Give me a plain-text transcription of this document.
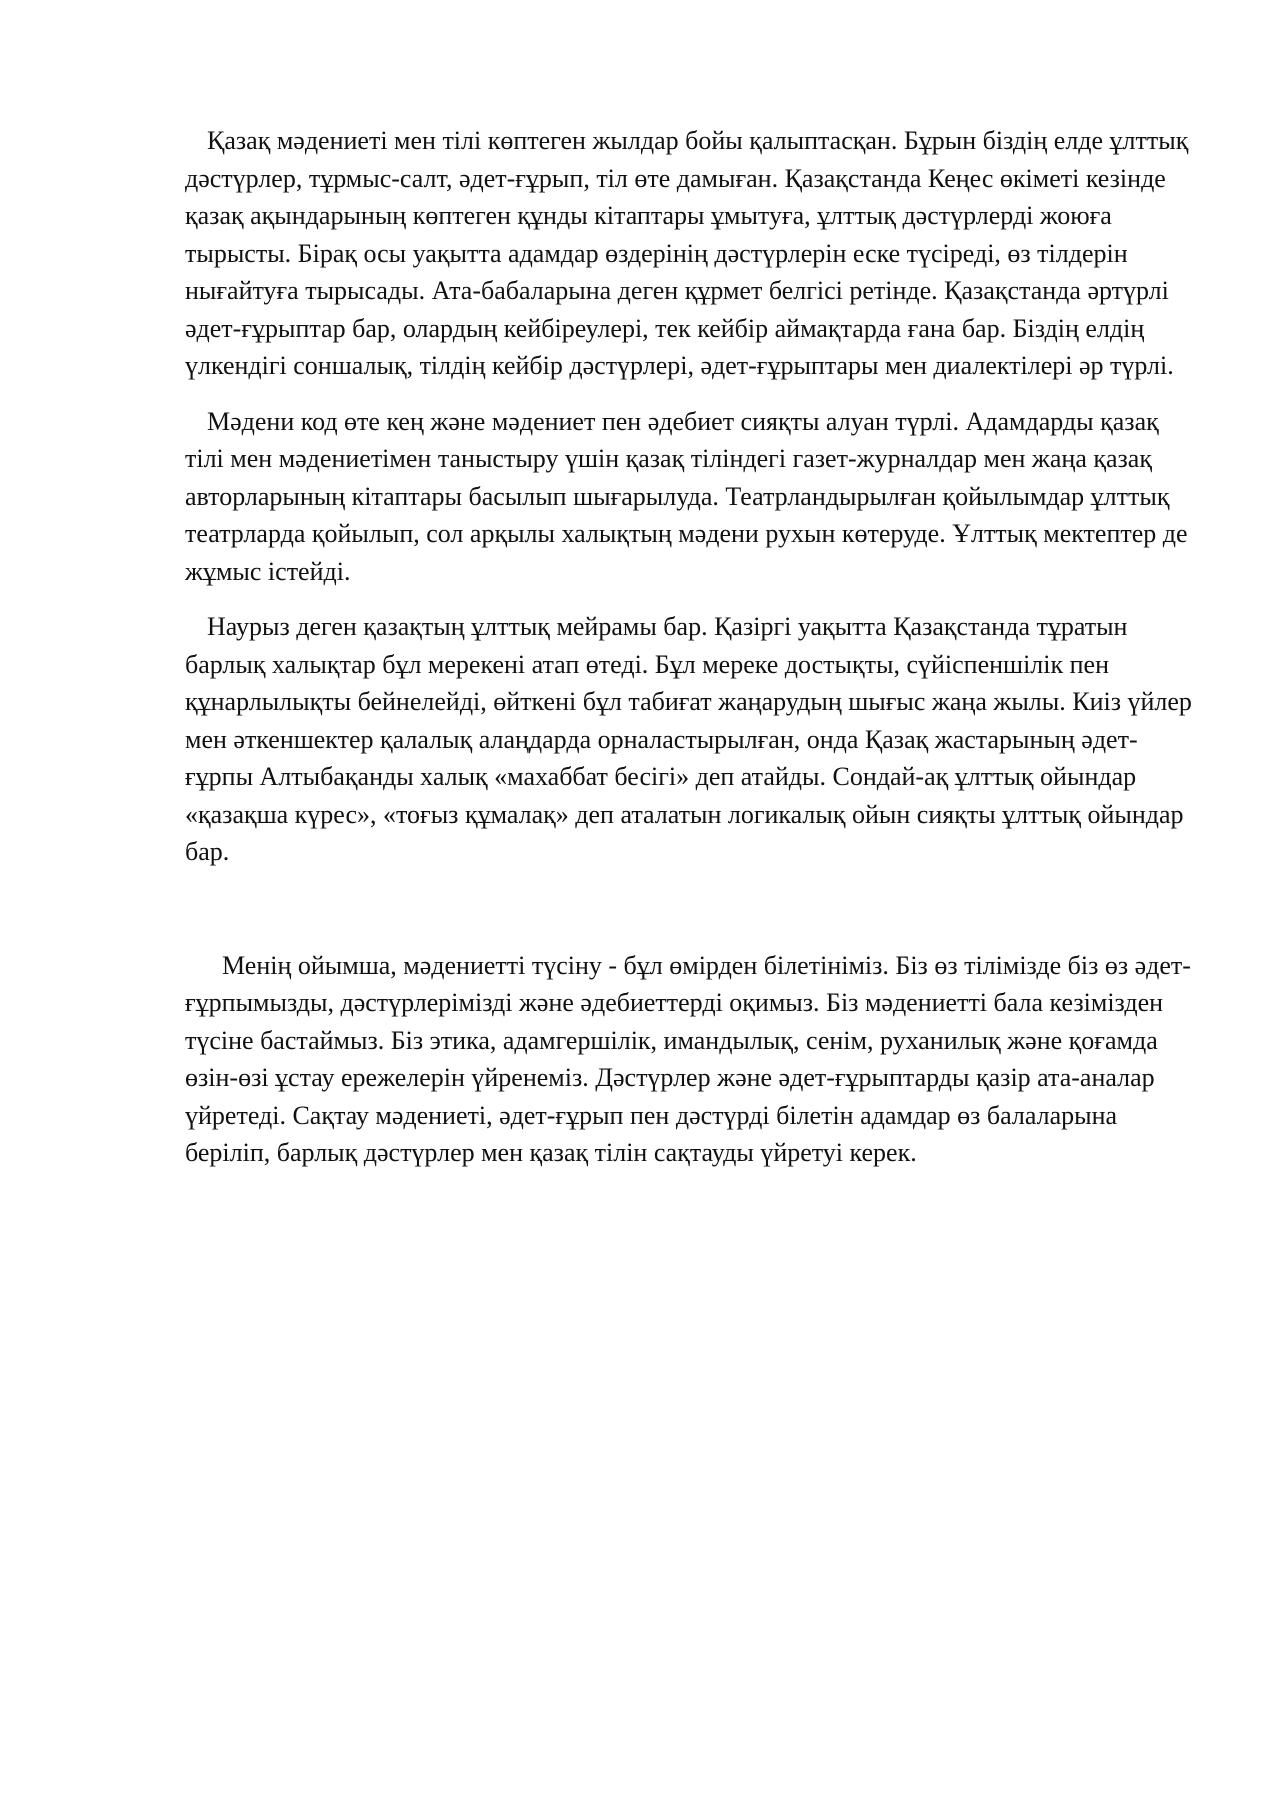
Қазақ мәдениеті мен тілі көптеген жылдар бойы қалыптасқан. Бұрын біздің елде ұлттық дәстүрлер, тұрмыс-салт, әдет-ғұрып, тіл өте дамыған. Қазақстанда Кеңес өкіметі кезінде қазақ ақындарының көптеген құнды кітаптары ұмытуға, ұлттық дәстүрлерді жоюға тырысты. Бірақ осы уақытта адамдар өздерінің дәстүрлерін еске түсіреді, өз тілдерін нығайтуға тырысады. Ата-бабаларына деген құрмет белгісі ретінде. Қазақстанда әртүрлі әдет-ғұрыптар бар, олардың кейбіреулері, тек кейбір аймақтарда ғана бар. Біздің елдің үлкендігі соншалық, тілдің кейбір дәстүрлері, әдет-ғұрыптары мен диалектілері әр түрлі.

Мәдени код өте кең және мәдениет пен әдебиет сияқты алуан түрлі. Адамдарды қазақ тілі мен мәдениетімен таныстыру үшін қазақ тіліндегі газет-журналдар мен жаңа қазақ авторларының кітаптары басылып шығарылуда. Театрландырылған қойылымдар ұлттық театрларда қойылып, сол арқылы халықтың мәдени рухын көтеруде. Ұлттық мектептер де жұмыс істейді.

Наурыз деген қазақтың ұлттық мейрамы бар. Қазіргі уақытта Қазақстанда тұратын барлық халықтар бұл мерекені атап өтеді. Бұл мереке достықты, сүйіспеншілік пен құнарлылықты бейнелейді, өйткені бұл табиғат жаңарудың шығыс жаңа жылы. Киіз үйлер мен әткеншектер қалалық алаңдарда орналастырылған, онда Қазақ жастарының әдет-ғұрпы Алтыбақанды халық «махаббат бесігі» деп атайды. Сондай-ақ ұлттық ойындар «қазақша күрес», «тоғыз құмалақ» деп аталатын логикалық ойын сияқты ұлттық ойындар бар.

Менің ойымша, мәдениетті түсіну - бұл өмірден білетініміз. Біз өз тілімізде біз өз әдет-ғұрпымызды, дәстүрлерімізді және әдебиеттерді оқимыз. Біз мәдениетті бала кезімізден түсіне бастаймыз. Біз этика, адамгершілік, имандылық, сенім, руханилық және қоғамда өзін-өзі ұстау ережелерін үйренеміз. Дәстүрлер және әдет-ғұрыптарды қазір ата-аналар үйретеді. Сақтау мәдениеті, әдет-ғұрып пен дәстүрді білетін адамдар өз балаларына беріліп, барлық дәстүрлер мен қазақ тілін сақтауды үйретуі керек.
